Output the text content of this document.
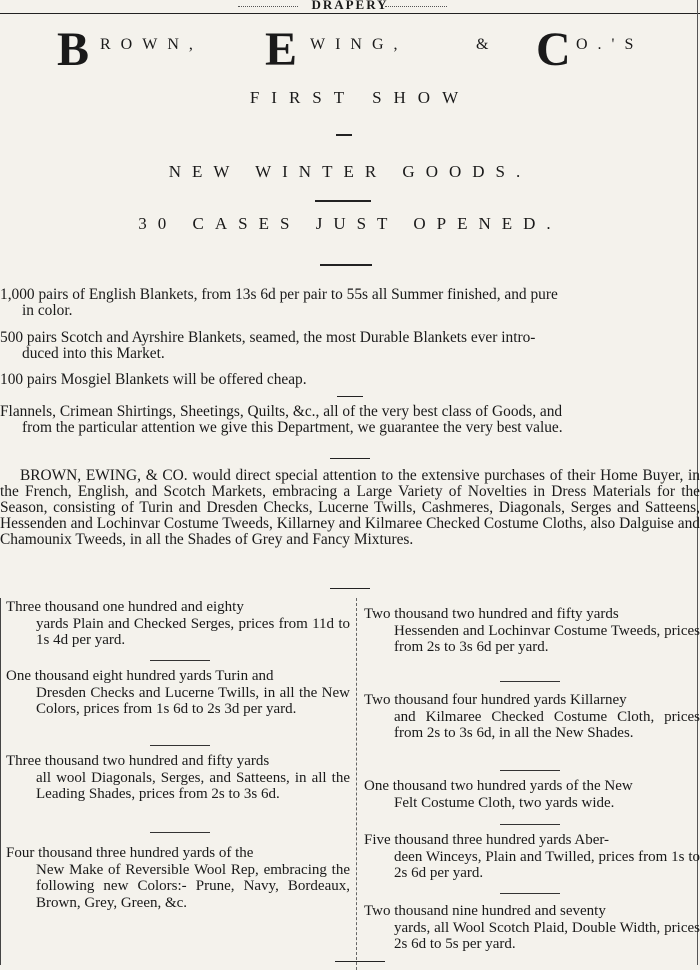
DRAPERY
B ROWN, E WING,	& C O.'S
FIRST SHOW
NEW WINTER GOODS.
30 CASES JUST OPENED.
1,000 pairs of English Blankets, from 13s 6d per pair to 55s all Summer finished, and pure
in color.
500 pairs Scotch and Ayrshire Blankets, seamed, the most Durable Blankets ever intro-
duced into this Market.
100 pairs Mosgiel Blankets will be offered cheap.
Flannels, Crimean Shirtings, Sheetings, Quilts, &c., all of the very best class of Goods, and
from the particular attention we give this Department, we guarantee the very best value.
BROWN, EWING, & CO. would direct special attention to the extensive purchases of their Home Buyer, in the French, English, and Scotch Markets, embracing a Large Variety of Novelties in Dress Materials for the Season, consisting of Turin and Dresden Checks, Lucerne Twills, Cashmeres, Diagonals, Serges and Satteens, Hessenden and Lochinvar Costume Tweeds, Killarney and Kilmaree Checked Costume Cloths, also Dalguise and Chamounix Tweeds, in all the Shades of Grey and Fancy Mixtures.
Three thousand one hundred and eighty
yards Plain and Checked Serges, prices from 11d to 1s 4d per yard.
One thousand eight hundred yards Turin and
Dresden Checks and Lucerne Twills, in all the New Colors, prices from 1s 6d to 2s 3d per yard.
Three thousand two hundred and fifty yards
all wool Diagonals, Serges, and Satteens, in all the Leading Shades, prices from 2s to 3s 6d.
Four thousand three hundred yards of the
New Make of Reversible Wool Rep, embracing the following new Colors:- Prune, Navy, Bordeaux, Brown, Grey, Green, &c.
Two thousand two hundred and fifty yards
Hessenden and Lochinvar Costume Tweeds, prices from 2s to 3s 6d per yard.
Two thousand four hundred yards Killarney
and Kilmaree Checked Costume Cloth, prices from 2s to 3s 6d, in all the New Shades.
One thousand two hundred yards of the New
Felt Costume Cloth, two yards wide.
Five thousand three hundred yards Aber-
deen Winceys, Plain and Twilled, prices from 1s to 2s 6d per yard.
Two thousand nine hundred and seventy
yards, all Wool Scotch Plaid, Double Width, prices 2s 6d to 5s per yard.
